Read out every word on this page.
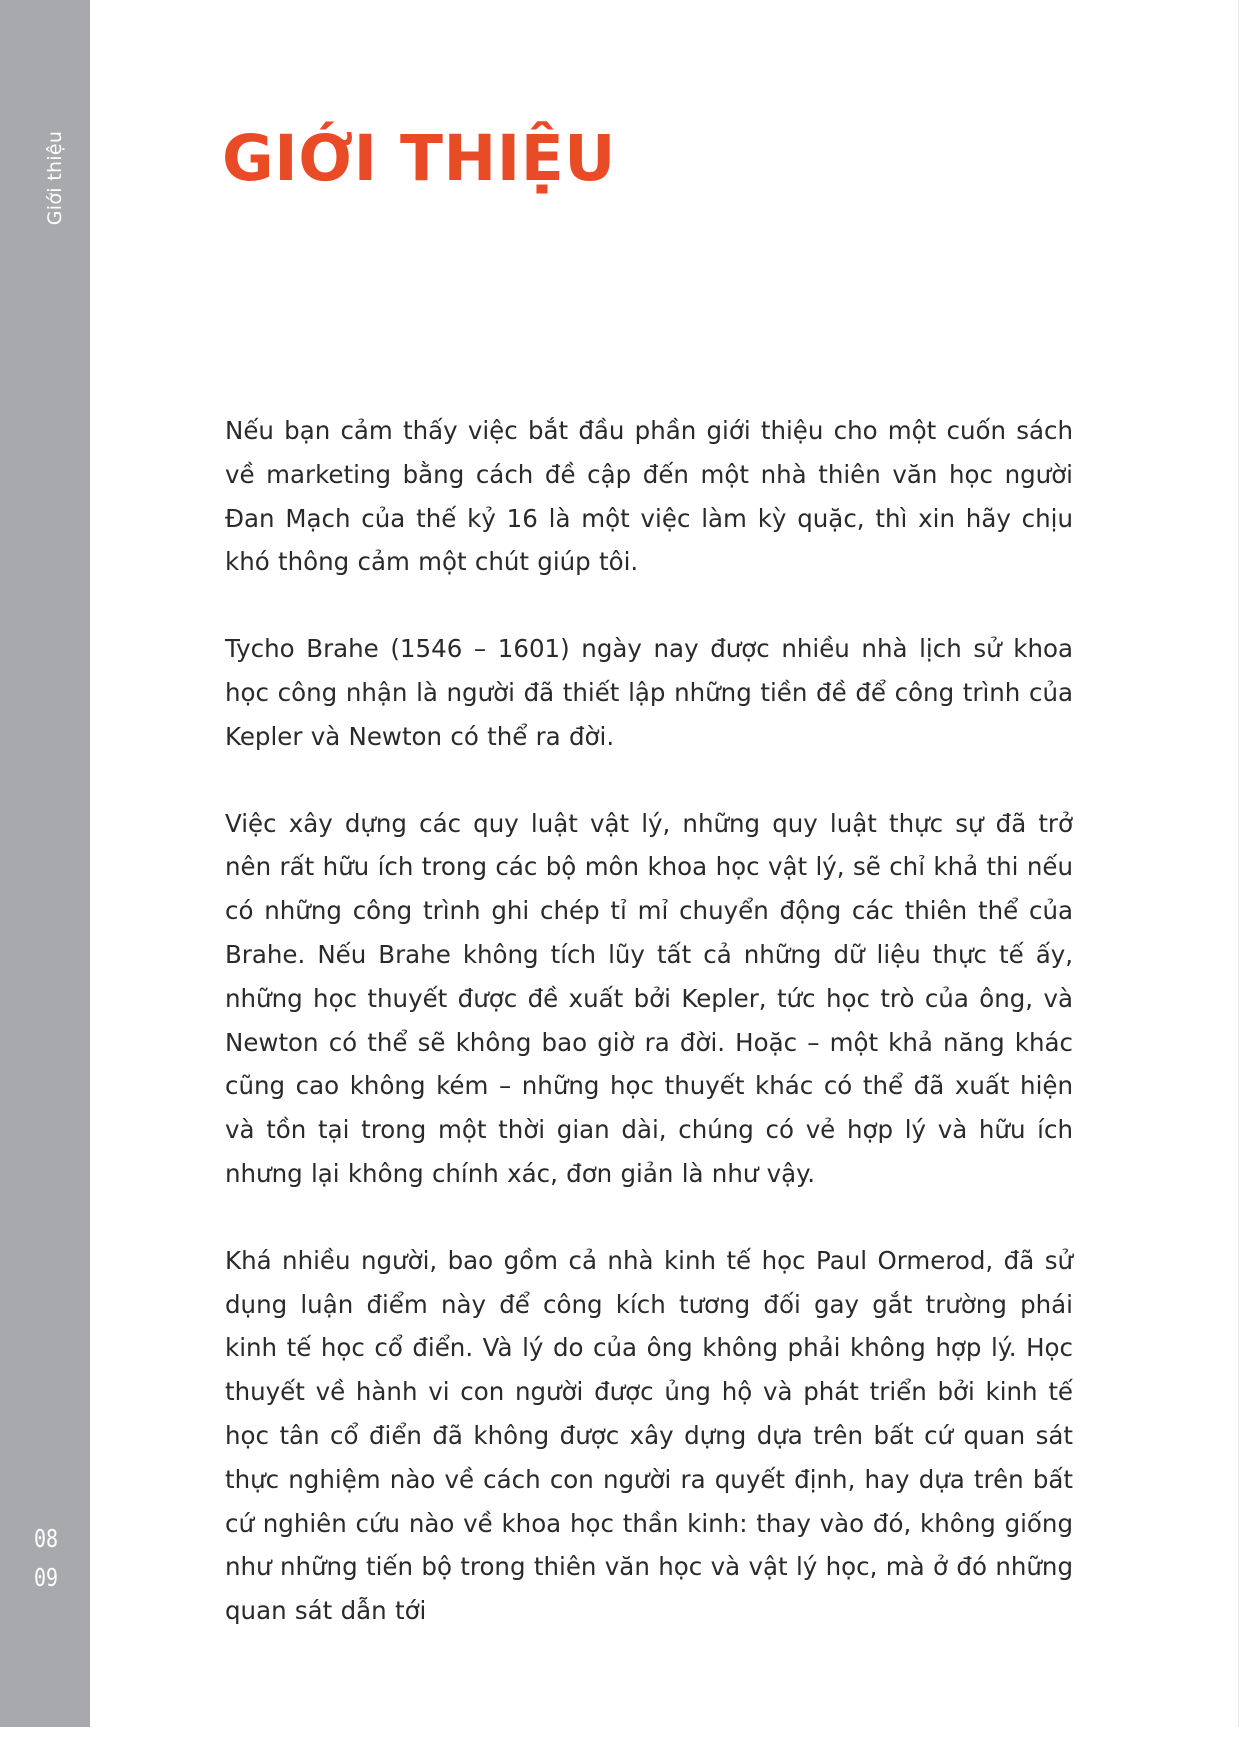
Giới thiệu
08
09
GIỚI THIỆU

Nếu bạn cảm thấy việc bắt đầu phần giới thiệu cho một cuốn sách về marketing bằng cách đề cập đến một nhà thiên văn học người Đan Mạch của thế kỷ 16 là một việc làm kỳ quặc, thì xin hãy chịu khó thông cảm một chút giúp tôi.

Tycho Brahe (1546 – 1601) ngày nay được nhiều nhà lịch sử khoa học công nhận là người đã thiết lập những tiền đề để công trình của Kepler và Newton có thể ra đời.

Việc xây dựng các quy luật vật lý, những quy luật thực sự đã trở nên rất hữu ích trong các bộ môn khoa học vật lý, sẽ chỉ khả thi nếu có những công trình ghi chép tỉ mỉ chuyển động các thiên thể của Brahe. Nếu Brahe không tích lũy tất cả những dữ liệu thực tế ấy, những học thuyết được đề xuất bởi Kepler, tức học trò của ông, và Newton có thể sẽ không bao giờ ra đời. Hoặc – một khả năng khác cũng cao không kém – những học thuyết khác có thể đã xuất hiện và tồn tại trong một thời gian dài, chúng có vẻ hợp lý và hữu ích nhưng lại không chính xác, đơn giản là như vậy.

Khá nhiều người, bao gồm cả nhà kinh tế học Paul Ormerod, đã sử dụng luận điểm này để công kích tương đối gay gắt trường phái kinh tế học cổ điển. Và lý do của ông không phải không hợp lý. Học thuyết về hành vi con người được ủng hộ và phát triển bởi kinh tế học tân cổ điển đã không được xây dựng dựa trên bất cứ quan sát thực nghiệm nào về cách con người ra quyết định, hay dựa trên bất cứ nghiên cứu nào về khoa học thần kinh: thay vào đó, không giống như những tiến bộ trong thiên văn học và vật lý học, mà ở đó những quan sát dẫn tới
